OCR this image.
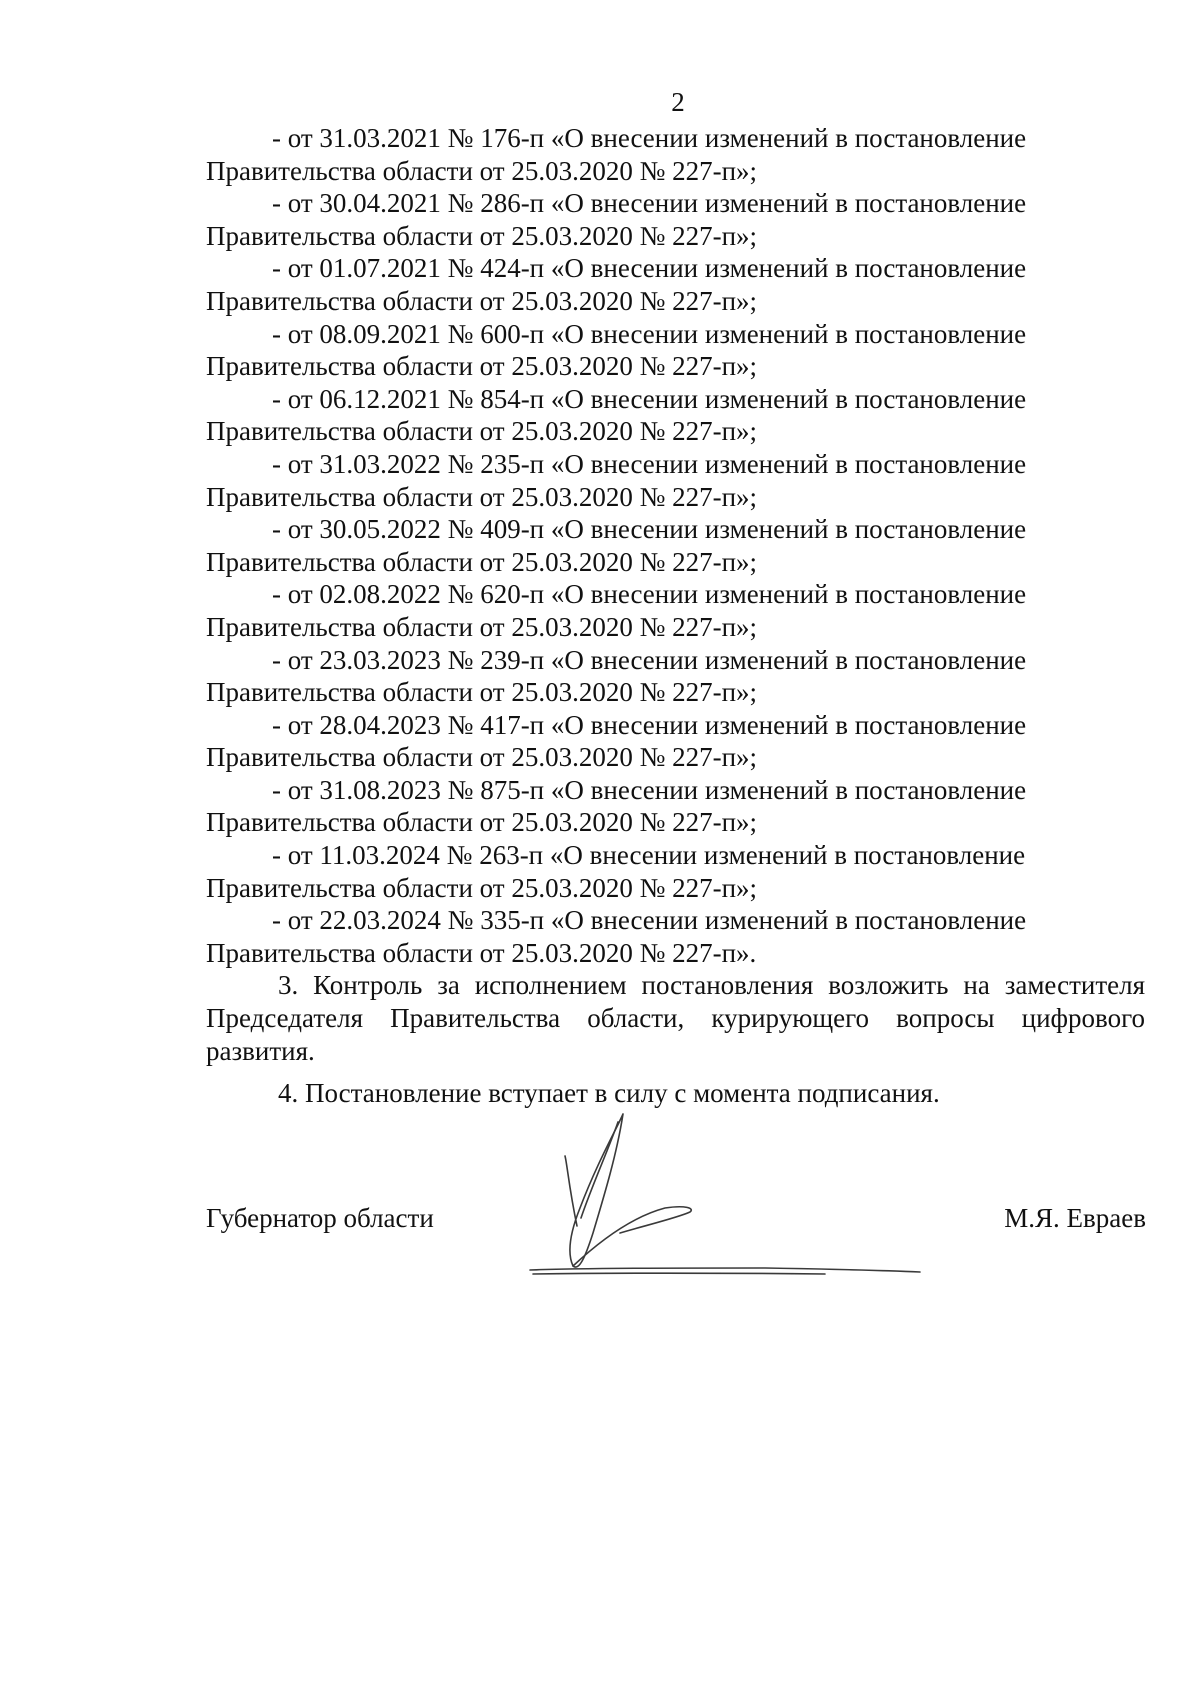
2

- от 31.03.2021 № 176-п «О внесении изменений в постановление
Правительства области от 25.03.2020 № 227-п»;

- от 30.04.2021 № 286-п «О внесении изменений в постановление
Правительства области от 25.03.2020 № 227-п»;

- от 01.07.2021 № 424-п «О внесении изменений в постановление
Правительства области от 25.03.2020 № 227-п»;

- от 08.09.2021 № 600-п «О внесении изменений в постановление
Правительства области от 25.03.2020 № 227-п»;

- от 06.12.2021 № 854-п «О внесении изменений в постановление
Правительства области от 25.03.2020 № 227-п»;

- от 31.03.2022 № 235-п «О внесении изменений в постановление
Правительства области от 25.03.2020 № 227-п»;

- от 30.05.2022 № 409-п «О внесении изменений в постановление
Правительства области от 25.03.2020 № 227-п»;

- от 02.08.2022 № 620-п «О внесении изменений в постановление
Правительства области от 25.03.2020 № 227-п»;

- от 23.03.2023 № 239-п «О внесении изменений в постановление
Правительства области от 25.03.2020 № 227-п»;

- от 28.04.2023 № 417-п «О внесении изменений в постановление
Правительства области от 25.03.2020 № 227-п»;

- от 31.08.2023 № 875-п «О внесении изменений в постановление
Правительства области от 25.03.2020 № 227-п»;

- от 11.03.2024 № 263-п «О внесении изменений в постановление
Правительства области от 25.03.2020 № 227-п»;

- от 22.03.2024 № 335-п «О внесении изменений в постановление
Правительства области от 25.03.2020 № 227-п».

3. Контроль за исполнением постановления возложить на заместителя Председателя Правительства области, курирующего вопросы цифрового развития.

4. Постановление вступает в силу с момента подписания.

Губернатор области	М.Я. Евраев
